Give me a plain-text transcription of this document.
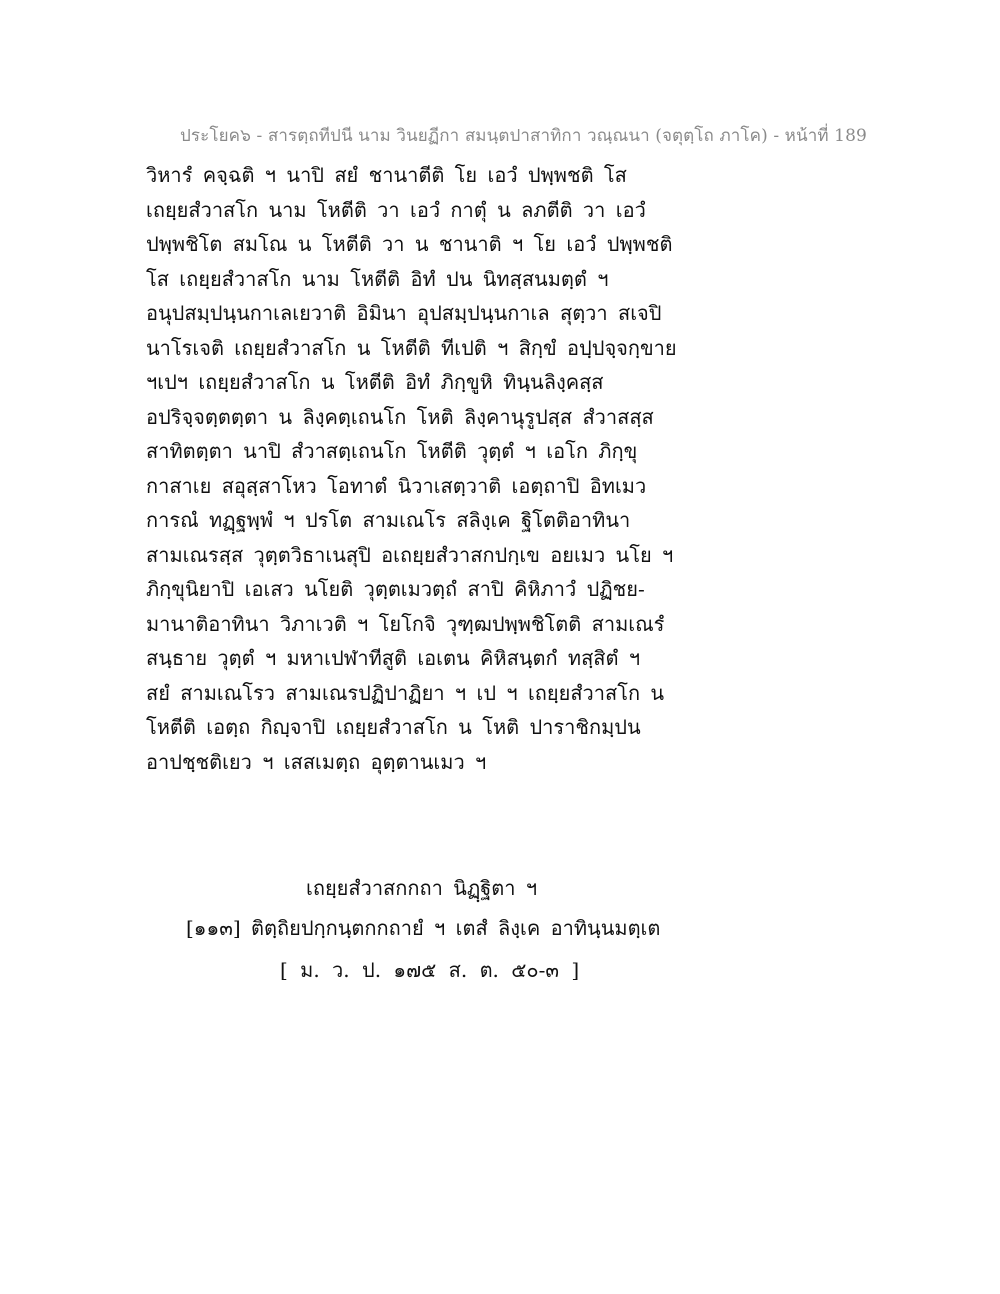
ประโยค๖ - สารตฺถทีปนี นาม วินยฏีกา สมนฺตปาสาทิกา วณฺณนา (จตุตฺโถ ภาโค) - หน้าที่ 189
วิหารํ คจฺฉติ ฯ นาปิ สยํ ชานาตีติ โย เอวํ ปพฺพชติ โส
เถยฺยสํวาสโก นาม โหตีติ วา เอวํ กาตุํ น ลภตีติ วา เอวํ
ปพฺพชิโต สมโณ น โหตีติ วา น ชานาติ ฯ โย เอวํ ปพฺพชติ
โส เถยฺยสํวาสโก นาม โหตีติ อิทํ ปน นิทสฺสนมตฺตํ ฯ
อนุปสมฺปนฺนกาเลเยวาติ อิมินา อุปสมฺปนฺนกาเล สุตฺวา สเจปิ
นาโรเจติ เถยฺยสํวาสโก น โหตีติ ทีเปติ ฯ สิกฺขํ อปฺปจฺจกฺขาย
ฯเปฯ เถยฺยสํวาสโก น โหตีติ อิทํ ภิกฺขูหิ ทินฺนลิงฺคสฺส
อปริจฺจตฺตตฺตา น ลิงฺคตฺเถนโก โหติ ลิงฺคานุรูปสฺส สํวาสสฺส
สาทิตตฺตา นาปิ สํวาสตฺเถนโก โหตีติ วุตฺตํ ฯ เอโก ภิกฺขุ
กาสาเย สอุสฺสาโหว โอทาตํ นิวาเสตฺวาติ เอตฺถาปิ อิทเมว
การณํ ทฏฺฐพฺพํ ฯ ปรโต สามเณโร สลิงฺเค ฐิโตติอาทินา
สามเณรสฺส วุตฺตวิธาเนสุปิ อเถยฺยสํวาสกปกฺเข อยเมว นโย ฯ
ภิกฺขุนิยาปิ เอเสว นโยติ วุตฺตเมวตฺถํ สาปิ คิหิภาวํ ปฏิชย-
มานาติอาทินา วิภาเวติ ฯ โยโกจิ วุฑฺฒปพฺพชิโตติ สามเณรํ
สนฺธาย วุตฺตํ ฯ มหาเปฬาทีสูติ เอเตน คิหิสนฺตกํ ทสฺสิตํ ฯ
สยํ สามเณโรว สามเณรปฏิปาฏิยา ฯ เป ฯ เถยฺยสํวาสโก น
โหตีติ เอตฺถ กิญฺจาปิ เถยฺยสํวาสโก น โหติ ปาราชิกมฺปน
อาปชฺชติเยว ฯ เสสเมตฺถ อุตฺตานเมว ฯ
เถยฺยสํวาสกกถา นิฏฺฐิตา ฯ
[๑๑๓] ติตฺถิยปกฺกนฺตกกถายํ ฯ เตสํ ลิงฺเค อาทินฺนมตฺเต
[ ม. ว. ป. ๑๗๕ ส. ต. ๕๐-๓ ]
